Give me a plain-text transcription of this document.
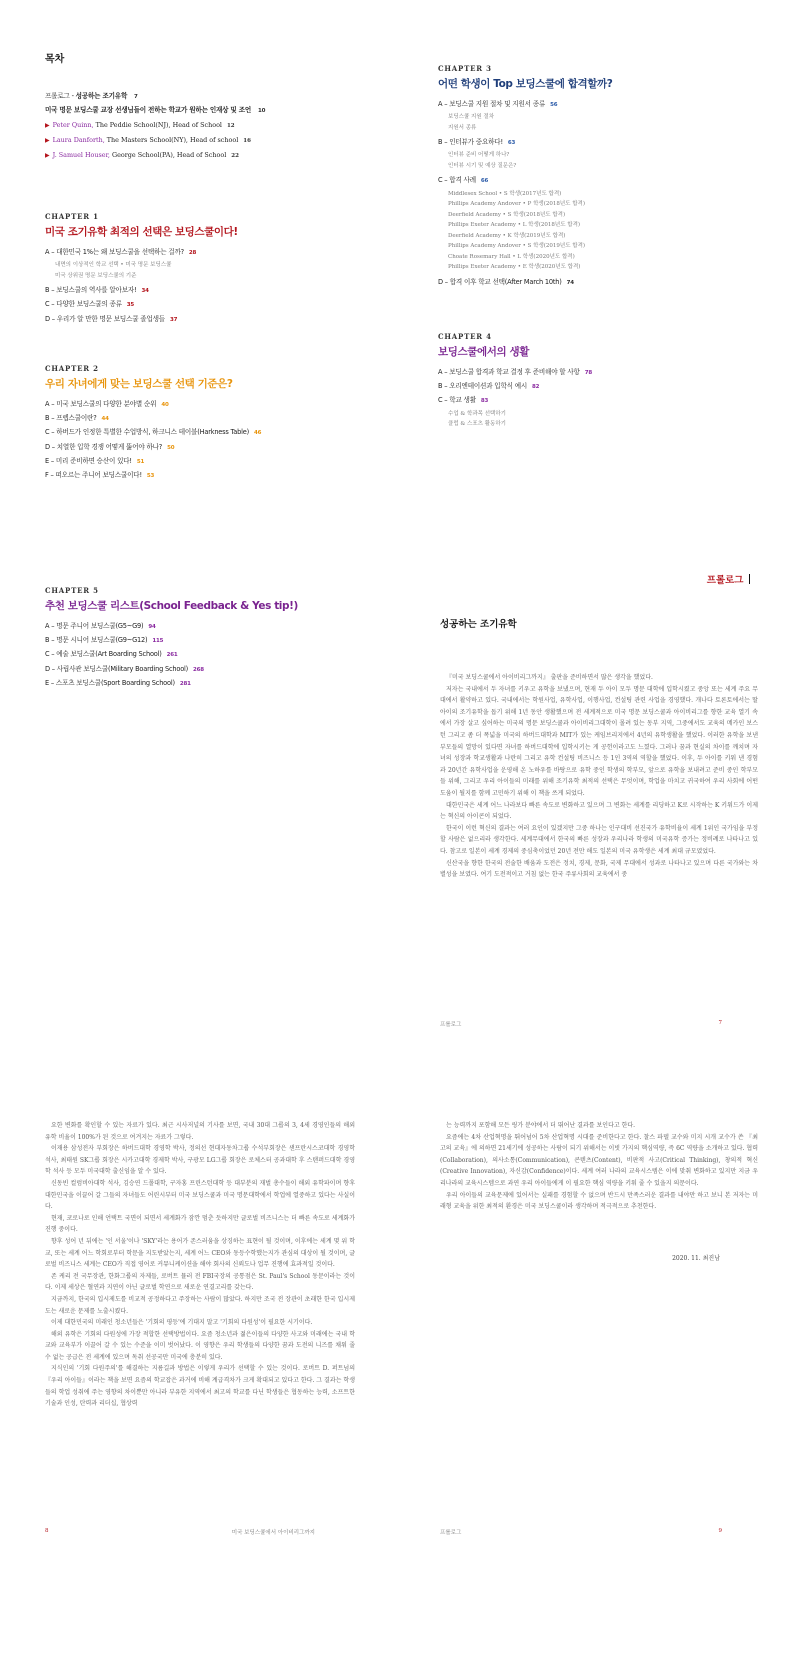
목차
프롤로그 - 성공하는 조기유학 7
미국 명문 보딩스쿨 교장 선생님들이 전하는 학교가 원하는 인재상 및 조언 10
▶ Peter Quinn, The Peddie School(NJ), Head of School 12
▶ Laura Danforth, The Masters School(NY), Head of school 16
▶ J. Samuel Houser, George School(PA), Head of School 22
CHAPTER 1
미국 조기유학 최적의 선택은 보딩스쿨이다!
A – 대한민국 1%는 왜 보딩스쿨을 선택하는 걸까? 28
내면의 이상적인 학교 선택 • 미국 명문 보딩스쿨
미국 상위권 명문 보딩스쿨의 기준
B – 보딩스쿨의 역사를 알아보자! 34
C – 다양한 보딩스쿨의 종류 35
D – 우리가 알 만한 명문 보딩스쿨 졸업생들 37
CHAPTER 2
우리 자녀에게 맞는 보딩스쿨 선택 기준은?
A – 미국 보딩스쿨의 다양한 분야별 순위 40
B – 프렙스쿨이란? 44
C – 하버드가 인정한 특별한 수업방식, 하크니스 테이블(Harkness Table) 46
D – 치열한 입학 경쟁 어떻게 뚫어야 하나? 50
E – 미리 준비하면 승산이 있다! 51
F – 떠오르는 주니어 보딩스쿨이다! 53
CHAPTER 3
어떤 학생이 Top 보딩스쿨에 합격할까?
A – 보딩스쿨 지원 절차 및 지원서 종류 56
보딩스쿨 지원 절차
지원서 종류
B – 인터뷰가 중요하다! 63
인터뷰 준비 어떻게 하나?
인터뷰 시기 및 예상 질문은?
C – 합격 사례 66
Middlesex School • S 학생(2017년도 합격)
Phillips Academy Andover • P 학생(2018년도 합격)
Deerfield Academy • S 학생(2018년도 합격)
Phillips Exeter Academy • L 학생(2018년도 합격)
Deerfield Academy • K 학생(2019년도 합격)
Phillips Academy Andover • S 학생(2019년도 합격)
Choate Rosemary Hall • L 학생(2020년도 합격)
Phillips Exeter Academy • E 학생(2020년도 합격)
D – 합격 이후 학교 선택(After March 10th) 74
CHAPTER 4
보딩스쿨에서의 생활
A – 보딩스쿨 합격과 학교 결정 후 준비해야 할 사항 78
B – 오리엔테이션과 입학식 예시 82
C – 학교 생활 83
수업 & 학과목 선택하기
클럽 & 스포츠 활동하기
CHAPTER 5
추천 보딩스쿨 리스트(School Feedback & Yes tip!)
A – 명문 주니어 보딩스쿨(G5~G9) 94
B – 명문 시니어 보딩스쿨(G9~G12) 115
C – 예술 보딩스쿨(Art Boarding School) 261
D – 사립사관 보딩스쿨(Military Boarding School) 268
E – 스포츠 보딩스쿨(Sport Boarding School) 281
프롤로그
성공하는 조기유학

『미국 보딩스쿨에서 아이비리그까지』 출판을 준비하면서 많은 생각을 했었다.

저자는 국내에서 두 자녀를 키우고 유학을 보냈으며, 현재 두 아이 모두 명문 대학에 입학시켰고 중앙 또는 세계 주요 무대에서 활약하고 있다. 국내에서는 학원사업, 유학사업, 이행사업, 컨설팅 관련 사업을 경영했다. 개나다 토론토에서는 딸아이의 조기유학을 돕기 위해 1년 동안 생활했으며 전 세계적으로 미국 명문 보딩스쿨과 아이비리그를 향한 교육 열기 속에서 가장 살고 싶어하는 미국의 명문 보딩스쿨과 아이비리그대학이 몰려 있는 동부 지역, 그중에서도 교육의 메카인 보스턴 그리고 좀 더 폭넓을 미국의 하버드대학과 MIT가 있는 케임브리지에서 4년의 유학생활을 했었다. 이러한 유학을 보낸 부모들의 열망이 있다면 자녀를 하버드대학에 입학시키는 게 공헌이라고도 느꼈다. 그러나 꿈과 현실의 차이를 깨치며 자녀의 성장과 학교생활과 나란히 그리고 유학 컨설팅 비즈니스 등 1인 3역의 역할을 했었다. 이후, 두 아이를 키워 낸 경험과 20년간 유학사업을 운영해 온 노하우를 바탕으로 유학 중인 학생의 학부모, 앞으로 유학을 보내려고 준비 중인 학부모들 위해, 그리고 우리 아이들의 미래를 위해 조기유학 최적의 선택은 무엇이며, 학업을 마치고 귀국하여 우리 사회에 어떤 도움이 될지를 함께 고민하기 위해 이 책을 쓰게 되었다.

대한민국은 세계 어느 나라보다 빠른 속도로 변화하고 있으며 그 변화는 세계를 리딩하고 K로 시작하는 K 키워드가 이제는 혁신의 아이콘이 되었다.

한국이 이런 혁신의 결과는 여러 요인이 있겠지만 그중 하나는 인구대비 선진국가 유학비율이 세계 1위인 국가임을 부정할 사람은 없으리라 생각한다. 세계무대에서 한국의 빠른 성장과 우리나라 학생의 미국유학 증가는 정비례로 나타나고 있다. 참고로 일본이 세계 경제의 중심축이었던 20년 전만 해도 일본의 미국 유학생은 세계 최대 규모였었다.

신산국을 향한 한국의 전술한 배움과 도전은 정치, 경제, 문화, 국제 무대에서 성과로 나타나고 있으며 다른 국가와는 차별성을 보였다. 여기 도전적이고 거침 없는 한국 주류사회의 교육에서 중

프롤로그	7

요한 변화를 확인할 수 있는 자료가 있다. 최근 시사저널의 기사를 보면, 국내 30대 그룹의 3, 4세 경영인들의 해외 유학 비율이 100%가 된 것으로 여겨지는 자료가 그렇다.

이재용 삼성전자 부회장은 하버드대학 경영학 박사, 정의선 현대자동차그룹 수석부회장은 샌프란시스코대학 경영학 석사, 최태원 SK그룹 회장은 시카고대학 경제학 박사, 구광모 LG그룹 회장은 로체스터 공과대학 후 스탠퍼드대학 경영학 석사 등 모두 미국대학 출신임을 알 수 있다.

신동빈 컬럼비아대학 석사, 김승연 드폴대학, 구자홍 프린스턴대학 등 대부분의 재벌 총수들이 해외 유학파이며 향후 대한민국을 이끌어 갈 그들의 자녀들도 어린시부터 미국 보딩스쿨과 미국 명문대학에서 학업에 열중하고 있다는 사실이다.

현재, 코로나로 인해 언택트 국면이 되면서 세계화가 잠깐 멈춘 듯하지만 글로벌 비즈니스는 더 빠른 속도로 세계화가 진행 중이다.

향후 성어 년 뒤에는 '인 서울'이나 'SKY'라는 용어가 존스러움을 상징하는 표현이 될 것이며, 이후에는 세계 몇 위 학교, 또는 세계 어느 학회로부터 학문을 지도받았는지, 세계 어느 CEO와 동등수학했는지가 관심의 대상이 될 것이며, 글로벌 비즈니스 세계는 CEO가 직접 영어로 커뮤니케이션을 해야 회사의 신뢰도나 업무 진행에 효과적일 것이다.

존 케리 전 국무장관, 한화그룹의 자제들, 로버트 뮬러 전 FBI국장의 공통점은 St. Paul's School 동문이라는 것이다. 이제 세상은 혈연과 지연이 아닌 글로벌 학연으로 새로운 연결고리를 갖는다.

지금까지, 한국의 입시제도를 비교적 공정하다고 주장하는 사람이 많았다. 하지만 조국 전 장관이 초래한 한국 입시제도는 새로운 문제를 노출시켰다.

이제 대한민국의 미래인 청소년들은 '기회의 평등'에 기대지 말고 '기회의 다원성'이 필요한 시기이다.

해외 유학은 기회의 다원성에 가장 적합한 선택방법이다. 요즘 청소년과 젊은이들의 다양한 사고와 미래에는 국내 학교와 교육부가 이끌어 갈 수 있는 수준을 이미 벗어났다. 이 영향은 우리 학생들의 다양한 꿈과 도전의 니즈를 채워 줄 수 없는 공급은 전 세계에 있으며 독취 선공국만 미국에 충분히 있다.

지식인의 '기회 다원주의'를 해결하는 지름길과 방법은 이렇게 우리가 선택할 수 있는 것이다. 로버트 D. 퍼트넘의 『우리 아이들』이라는 책을 보면 요즘의 학교잡은 과거에 비해 계급격차가 크게 확대되고 있다고 한다. 그 결과는 학생들의 학업 성취에 주는 영향의 차이뿐만 아니라 부유한 지역에서 최고의 학교를 다닌 학생들은 협동하는 능력, 소프트한 기술과 인성, 탄력과 리더십, 협상력

8	미국 보딩스쿨에서 아이비리그까지

는 능력까지 포함해 모든 링가 분야에서 더 뛰어난 결과를 보인다고 한다.

요즘에는 4차 산업혁명을 뛰어넘어 5차 산업혁명 시대를 준비한다고 한다. 찰스 파델 교수와 미지 시개 교수가 쓴 『최고의 교육』에 의하면 21세기에 성공하는 사람이 되기 위해서는 이빗 가지의 핵심역량, 즉 6C 역량을 소개하고 있다. 협력(Collaboration), 의사소통(Communication), 콘텐츠(Content), 비판적 사고(Critical Thinking), 창의적 혁신(Creative Innovation), 자신감(Confidence)이다. 세계 여러 나라의 교육시스템은 이에 맞춰 변화하고 있지만 지금 우리나라의 교육시스템으로 과연 우리 아이들에게 이 필요한 핵심 역량을 키워 줄 수 있을지 의문이다.

우리 아이들의 교육문제에 있어서는 실패를 경험할 수 없으며 반드시 만족스러운 결과를 내야만 하고 보니 본 저자는 미래형 교육을 위한 최적의 환경은 미국 보딩스쿨이라 생각하며 적극적으로 추천한다.

2020. 11. 최진남
프롤로그	9
